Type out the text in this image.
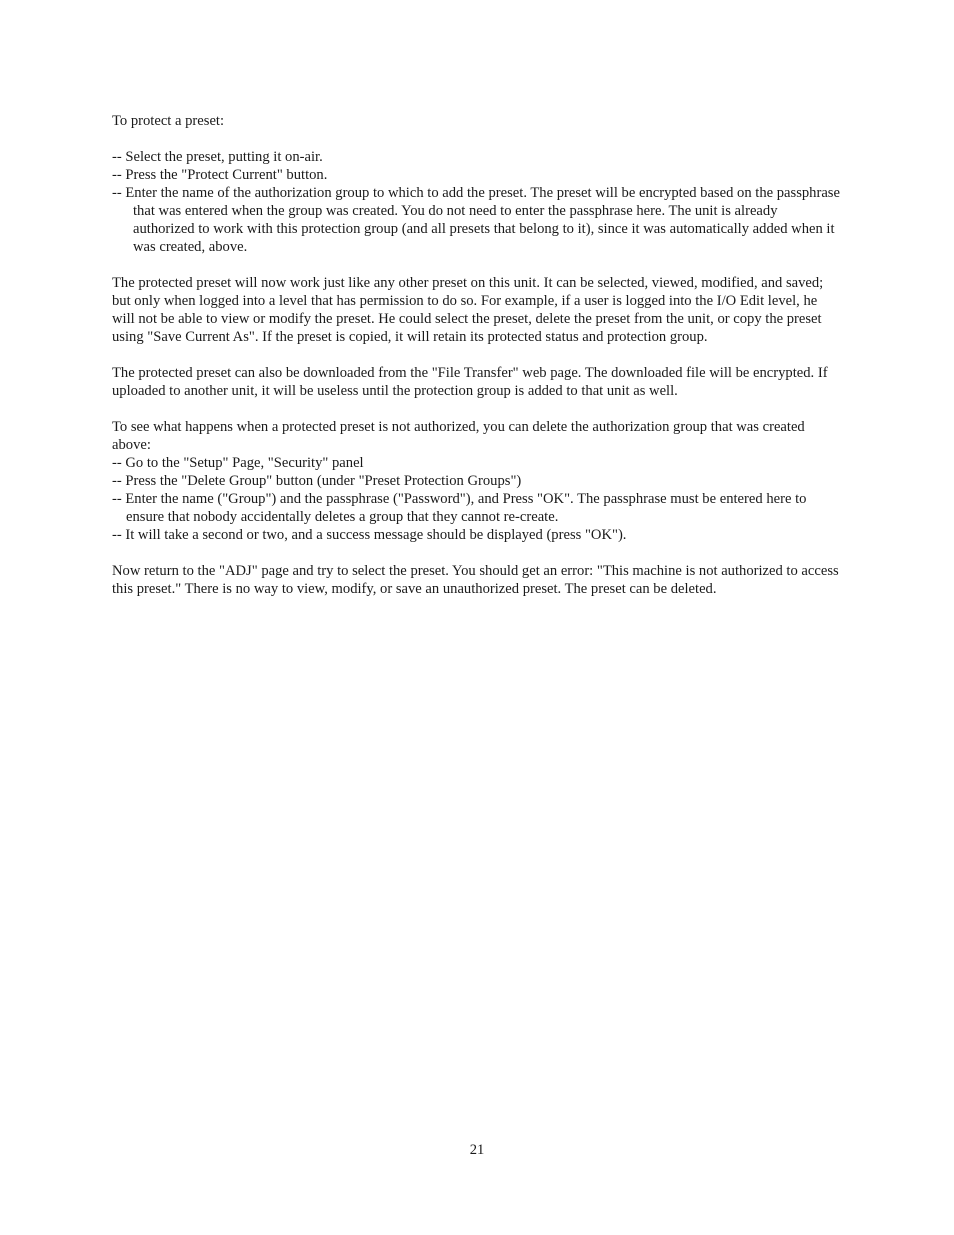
To protect a preset:

-- Select the preset, putting it on-air.

-- Press the "Protect Current" button.

-- Enter the name of the authorization group to which to add the preset. The preset will be encrypted based on the passphrase that was entered when the group was created. You do not need to enter the passphrase here. The unit is already authorized to work with this protection group (and all presets that belong to it), since it was automatically added when it was created, above.

The protected preset will now work just like any other preset on this unit. It can be selected, viewed, modified, and saved; but only when logged into a level that has permission to do so. For example, if a user is logged into the I/O Edit level, he will not be able to view or modify the preset. He could select the preset, delete the preset from the unit, or copy the preset using "Save Current As". If the preset is copied, it will retain its protected status and protection group.

The protected preset can also be downloaded from the "File Transfer" web page. The downloaded file will be encrypted. If uploaded to another unit, it will be useless until the protection group is added to that unit as well.

To see what happens when a protected preset is not authorized, you can delete the authorization group that was created above:

-- Go to the "Setup" Page, "Security" panel

-- Press the "Delete Group" button (under "Preset Protection Groups")

-- Enter the name ("Group") and the passphrase ("Password"), and Press "OK". The passphrase must be entered here to ensure that nobody accidentally deletes a group that they cannot re-create.

-- It will take a second or two, and a success message should be displayed (press "OK").

Now return to the "ADJ" page and try to select the preset. You should get an error: "This machine is not authorized to access this preset." There is no way to view, modify, or save an unauthorized preset. The preset can be deleted.

21
